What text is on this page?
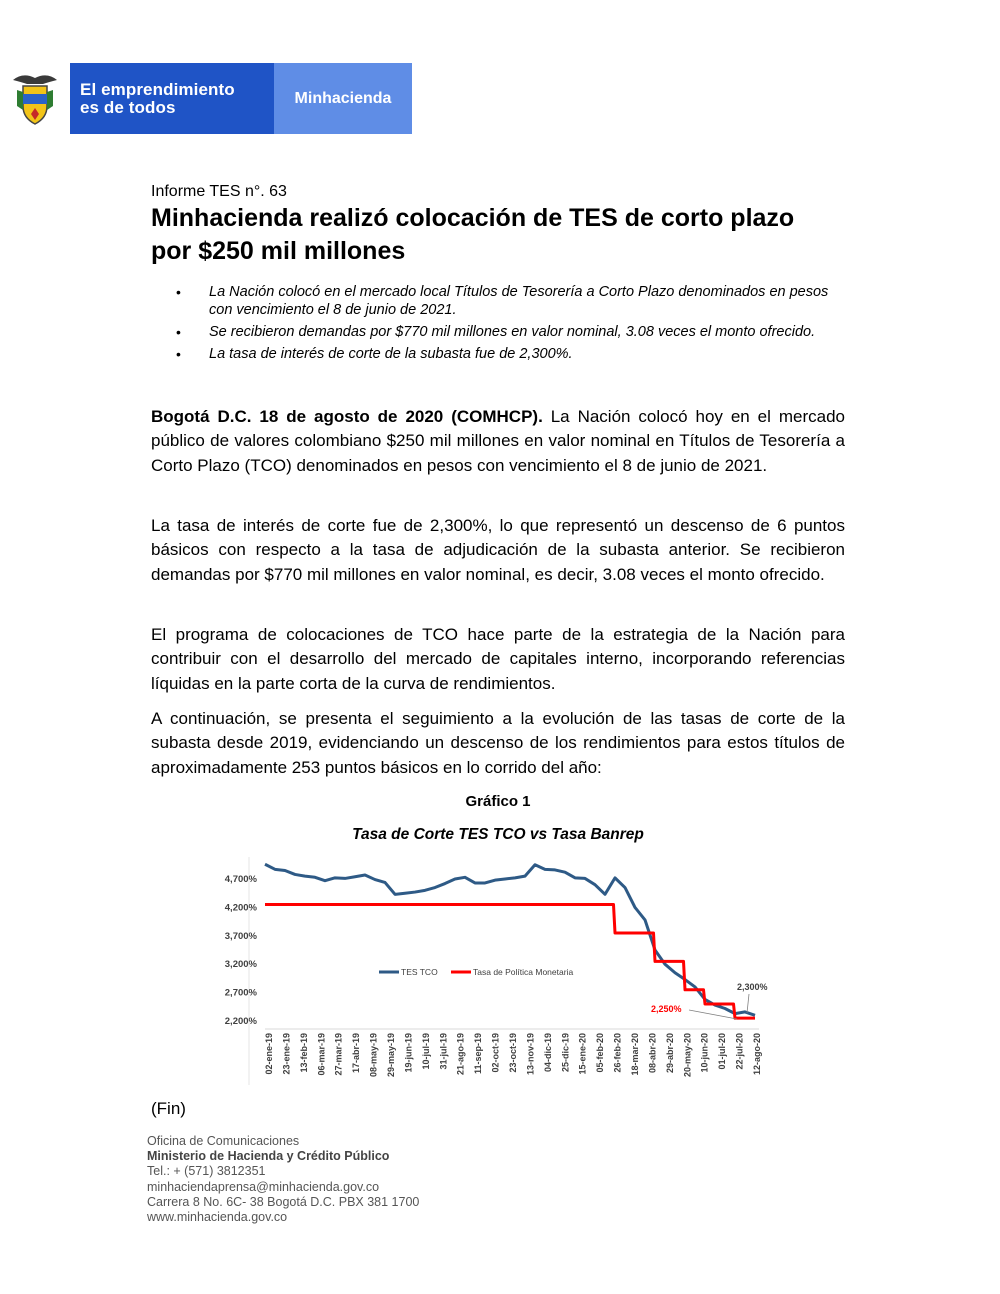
El emprendimiento
es de todos	Minhacienda
Informe TES n°. 63
Minhacienda realizó colocación de TES de corto plazo
por $250 mil millones
• La Nación colocó en el mercado local Títulos de Tesorería a Corto Plazo denominados en pesos con vencimiento el 8 de junio de 2021.
• Se recibieron demandas por $770 mil millones en valor nominal, 3.08 veces el monto ofrecido.
• La tasa de interés de corte de la subasta fue de 2,300%.

Bogotá D.C. 18 de agosto de 2020 (COMHCP). La Nación colocó hoy en el mercado público de valores colombiano $250 mil millones en valor nominal en Títulos de Tesorería a Corto Plazo (TCO) denominados en pesos con vencimiento el 8 de junio de 2021.

La tasa de interés de corte fue de 2,300%, lo que representó un descenso de 6 puntos básicos con respecto a la tasa de adjudicación de la subasta anterior. Se recibieron demandas por $770 mil millones en valor nominal, es decir, 3.08 veces el monto ofrecido.

El programa de colocaciones de TCO hace parte de la estrategia de la Nación para contribuir con el desarrollo del mercado de capitales interno, incorporando referencias líquidas en la parte corta de la curva de rendimientos.

A continuación, se presenta el seguimiento a la evolución de las tasas de corte de la subasta desde 2019, evidenciando un descenso de los rendimientos para estos títulos de aproximadamente 253 puntos básicos en lo corrido del año:

Gráfico 1
Tasa de Corte TES TCO vs Tasa Banrep
2,200%
2,700%
3,200%
3,700%
4,200%
4,700%
02-ene-19 23-ene-19 13-feb-19 06-mar-19 27-mar-19 17-abr-19 08-may-19 29-may-19 19-jun-19 10-jul-19 31-jul-19 21-ago-19 11-sep-19 02-oct-19 23-oct-19 13-nov-19 04-dic-19 25-dic-19 15-ene-20 05-feb-20 26-feb-20 18-mar-20 08-abr-20 29-abr-20 20-may-20 10-jun-20 01-jul-20 22-jul-20 12-ago-20
TES TCO	Tasa de Política Monetaria
2,300%
2,250%
(Fin)
Oficina de Comunicaciones
Ministerio de Hacienda y Crédito Público
Tel.: + (571) 3812351
minhaciendaprensa@minhacienda.gov.co
Carrera 8 No. 6C- 38 Bogotá D.C. PBX 381 1700
www.minhacienda.gov.co
